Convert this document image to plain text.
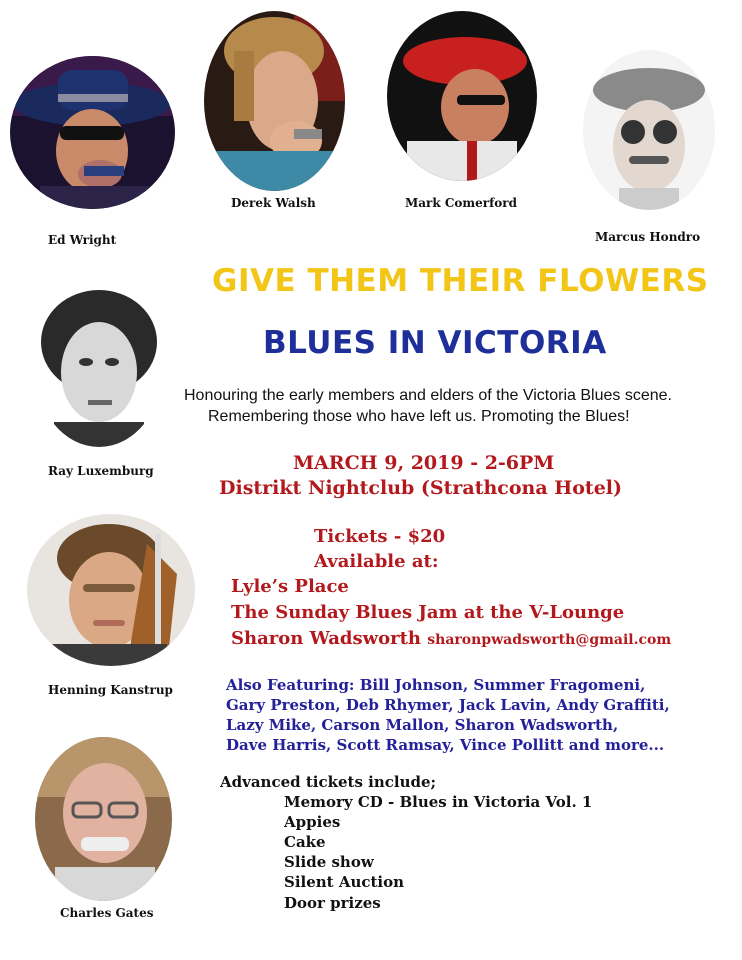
Ed Wright
Derek Walsh	Mark Comerford
Marcus Hondro
Ray Luxemburg
Henning Kanstrup
Charles Gates
GIVE THEM THEIR FLOWERS
BLUES IN VICTORIA
Honouring the early members and elders of the Victoria Blues scene.
Remembering those who have left us. Promoting the Blues!
MARCH 9, 2019 - 2-6PM
Distrikt Nightclub (Strathcona Hotel)
Tickets - $20
Available at:
Lyle’s Place
The Sunday Blues Jam at the V-Lounge
Sharon Wadsworth sharonpwadsworth@gmail.com
Also Featuring: Bill Johnson, Summer Fragomeni,
Gary Preston, Deb Rhymer, Jack Lavin, Andy Graffiti,
Lazy Mike, Carson Mallon, Sharon Wadsworth,
Dave Harris, Scott Ramsay, Vince Pollitt and more...
Advanced tickets include;
Memory CD - Blues in Victoria Vol. 1
Appies
Cake
Slide show
Silent Auction
Door prizes
